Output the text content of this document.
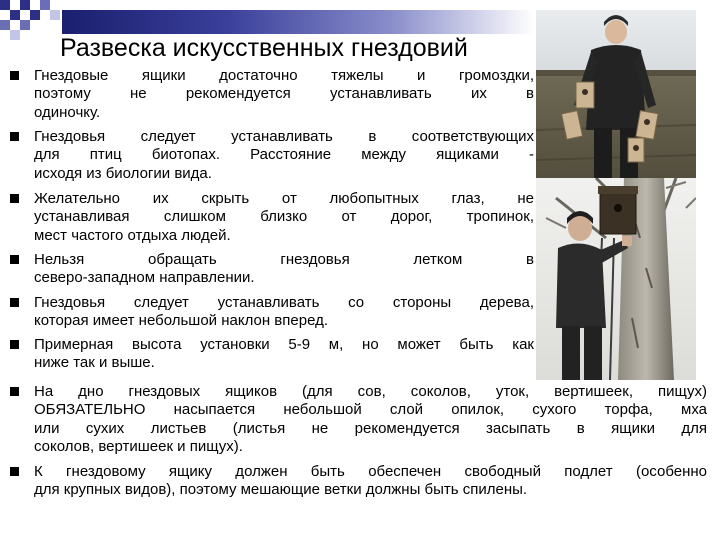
Развеска искусственных гнездовий
Гнездовые ящики достаточно тяжелы и громоздки,
поэтому не рекомендуется устанавливать их в
одиночку.
Гнездовья следует устанавливать в соответствующих
для птиц биотопах. Расстояние между ящиками -
исходя из биологии вида.
Желательно их скрыть от любопытных глаз, не
устанавливая слишком близко от дорог, тропинок,
мест частого отдыха людей.
Нельзя обращать гнездовья летком в
северо-западном направлении.
Гнездовья следует устанавливать со стороны дерева,
которая имеет небольшой наклон вперед.
Примерная высота установки 5-9 м, но может быть как
ниже так и выше.
На дно гнездовых ящиков (для сов, соколов, уток, вертишеек, пищух)
ОБЯЗАТЕЛЬНО насыпается небольшой слой опилок, сухого торфа, мха
или сухих листьев (листья не рекомендуется засыпать в ящики для
соколов, вертишеек и пищух).
К гнездовому ящику должен быть обеспечен свободный подлет (особенно
для крупных видов), поэтому мешающие ветки должны быть спилены.
